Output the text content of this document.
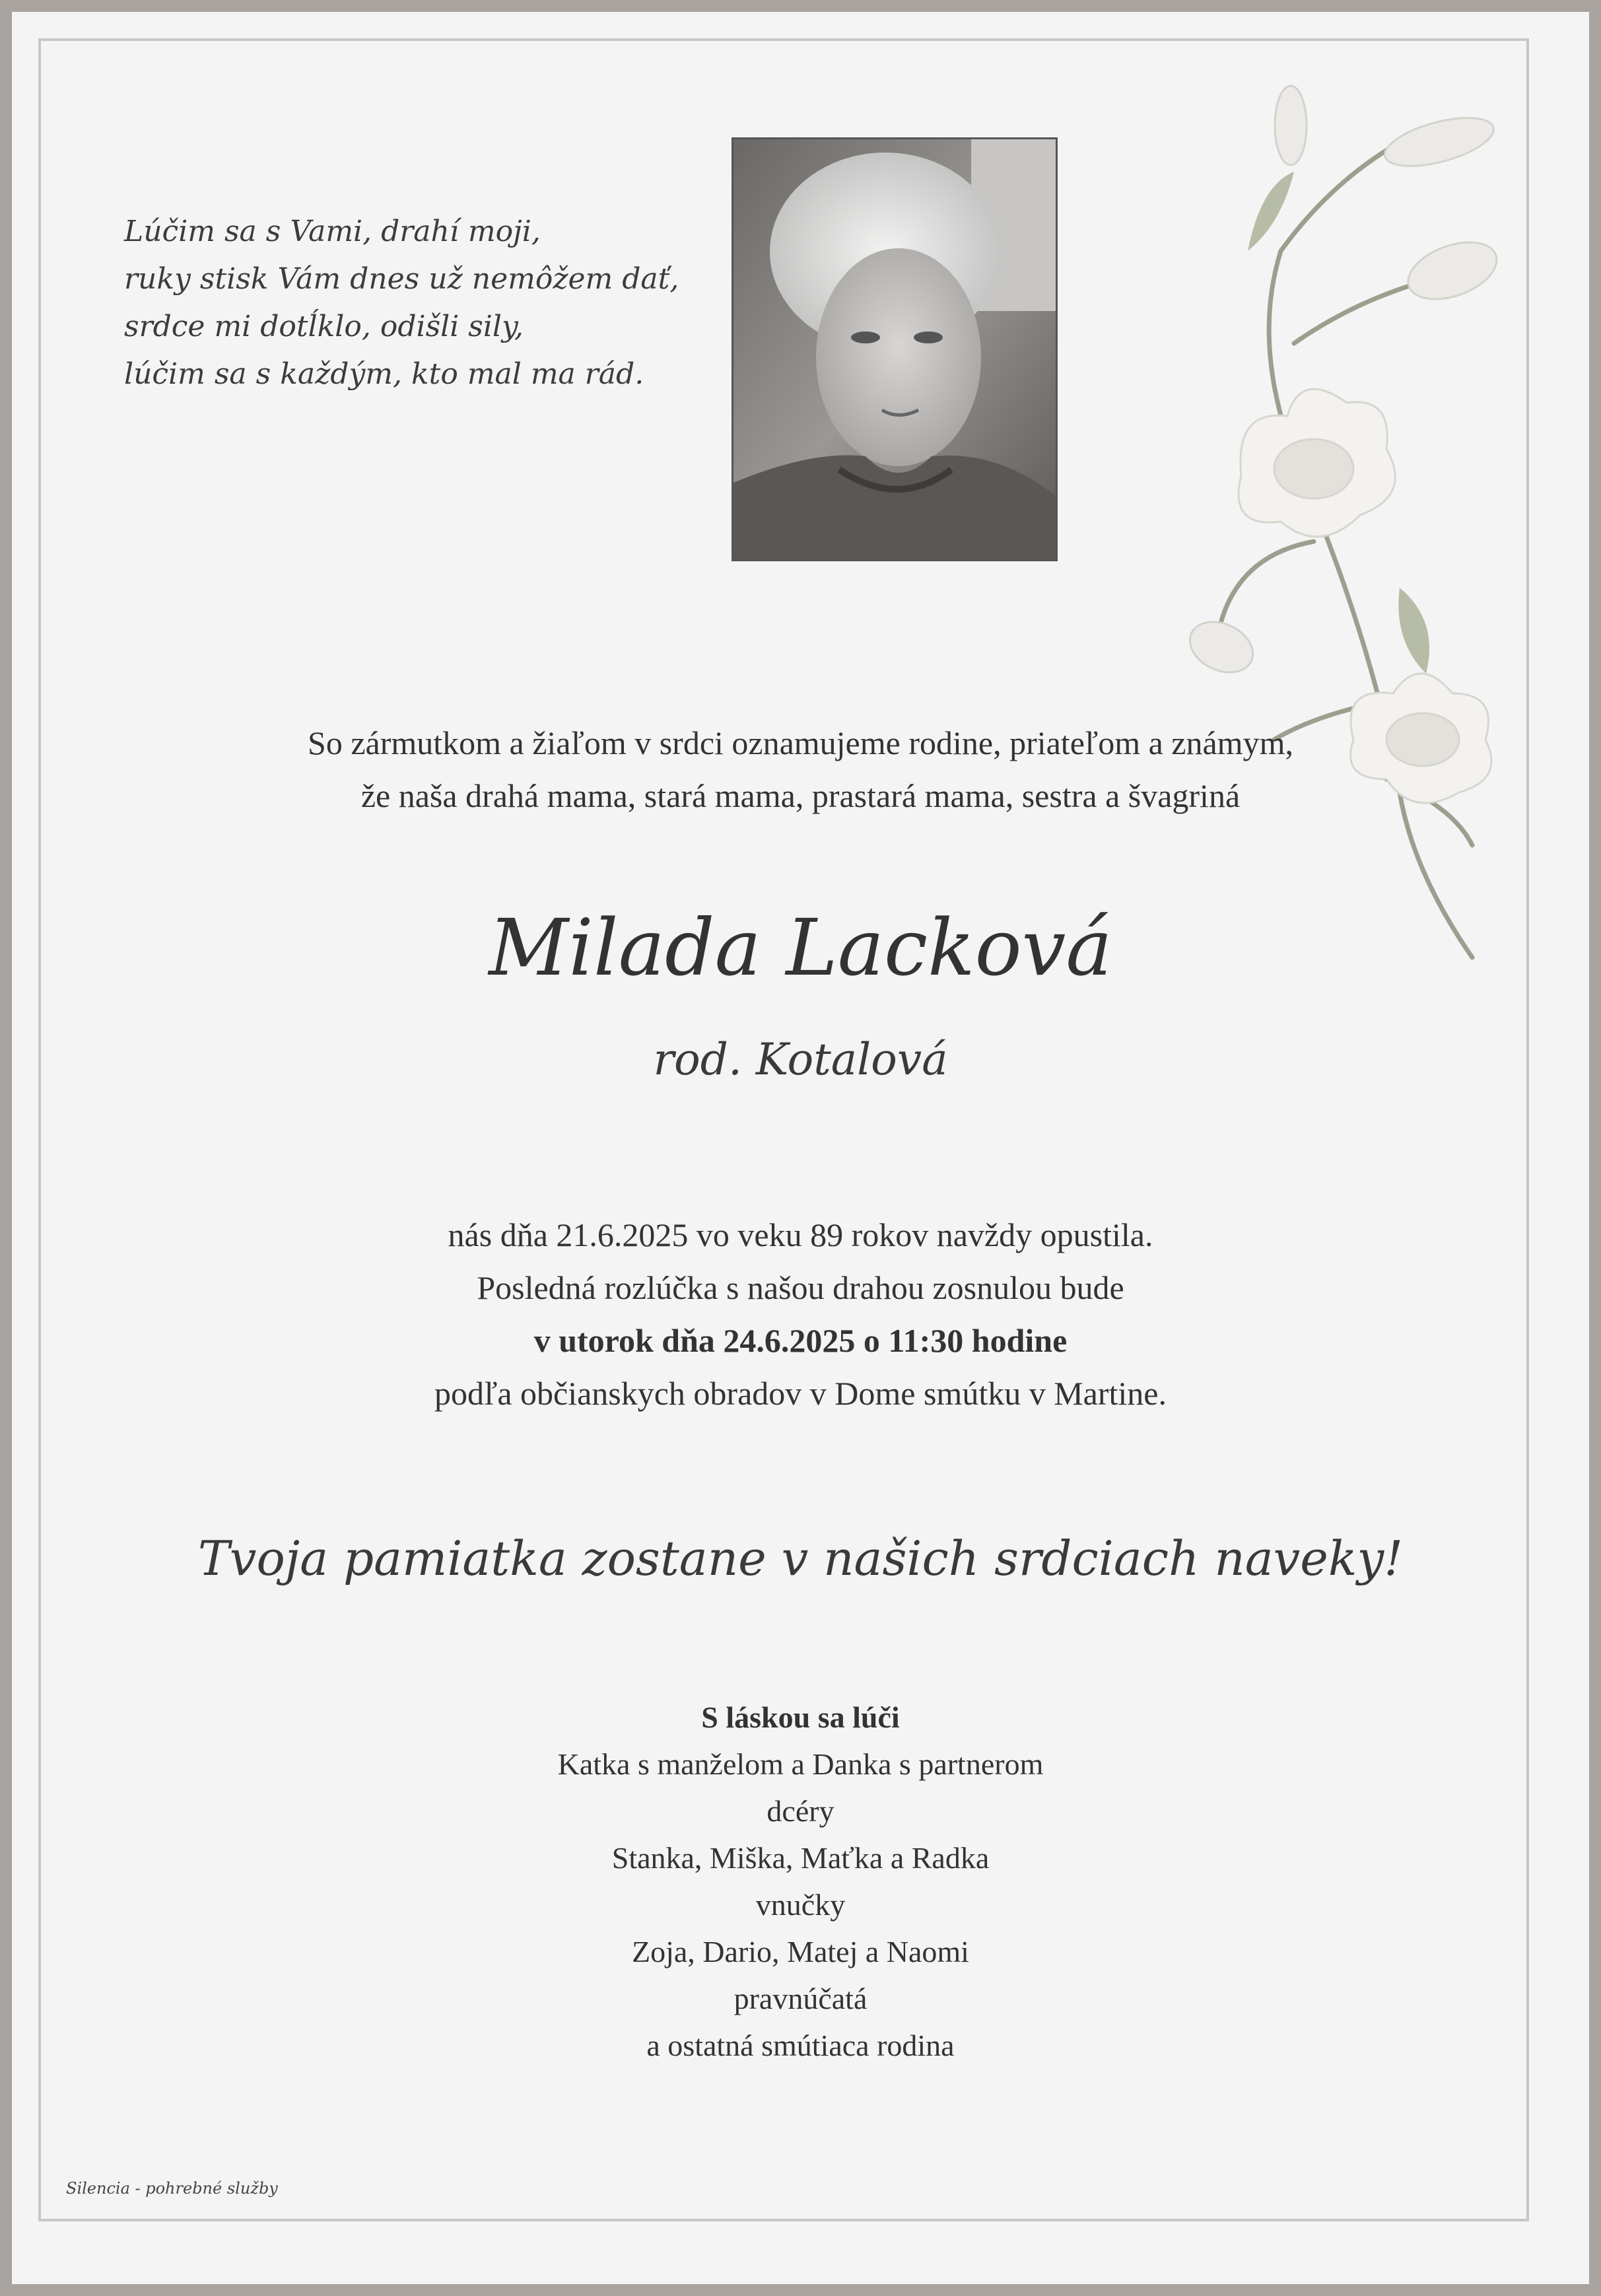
Lúčim sa s Vami, drahí moji,
ruky stisk Vám dnes už nemôžem dať,
srdce mi dotĺklo, odišli sily,
lúčim sa s každým, kto mal ma rád.
So zármutkom a žiaľom v srdci oznamujeme rodine, priateľom a známym,
že naša drahá mama, stará mama, prastará mama, sestra a švagriná
Milada Lacková
rod. Kotalová
nás dňa 21.6.2025 vo veku 89 rokov navždy opustila.
Posledná rozlúčka s našou drahou zosnulou bude
v utorok dňa 24.6.2025 o 11:30 hodine
podľa občianskych obradov v Dome smútku v Martine.
Tvoja pamiatka zostane v našich srdciach naveky!
S láskou sa lúči
Katka s manželom a Danka s partnerom
dcéry
Stanka, Miška, Maťka a Radka
vnučky
Zoja, Dario, Matej a Naomi
pravnúčatá
a ostatná smútiaca rodina
Silencia - pohrebné služby
